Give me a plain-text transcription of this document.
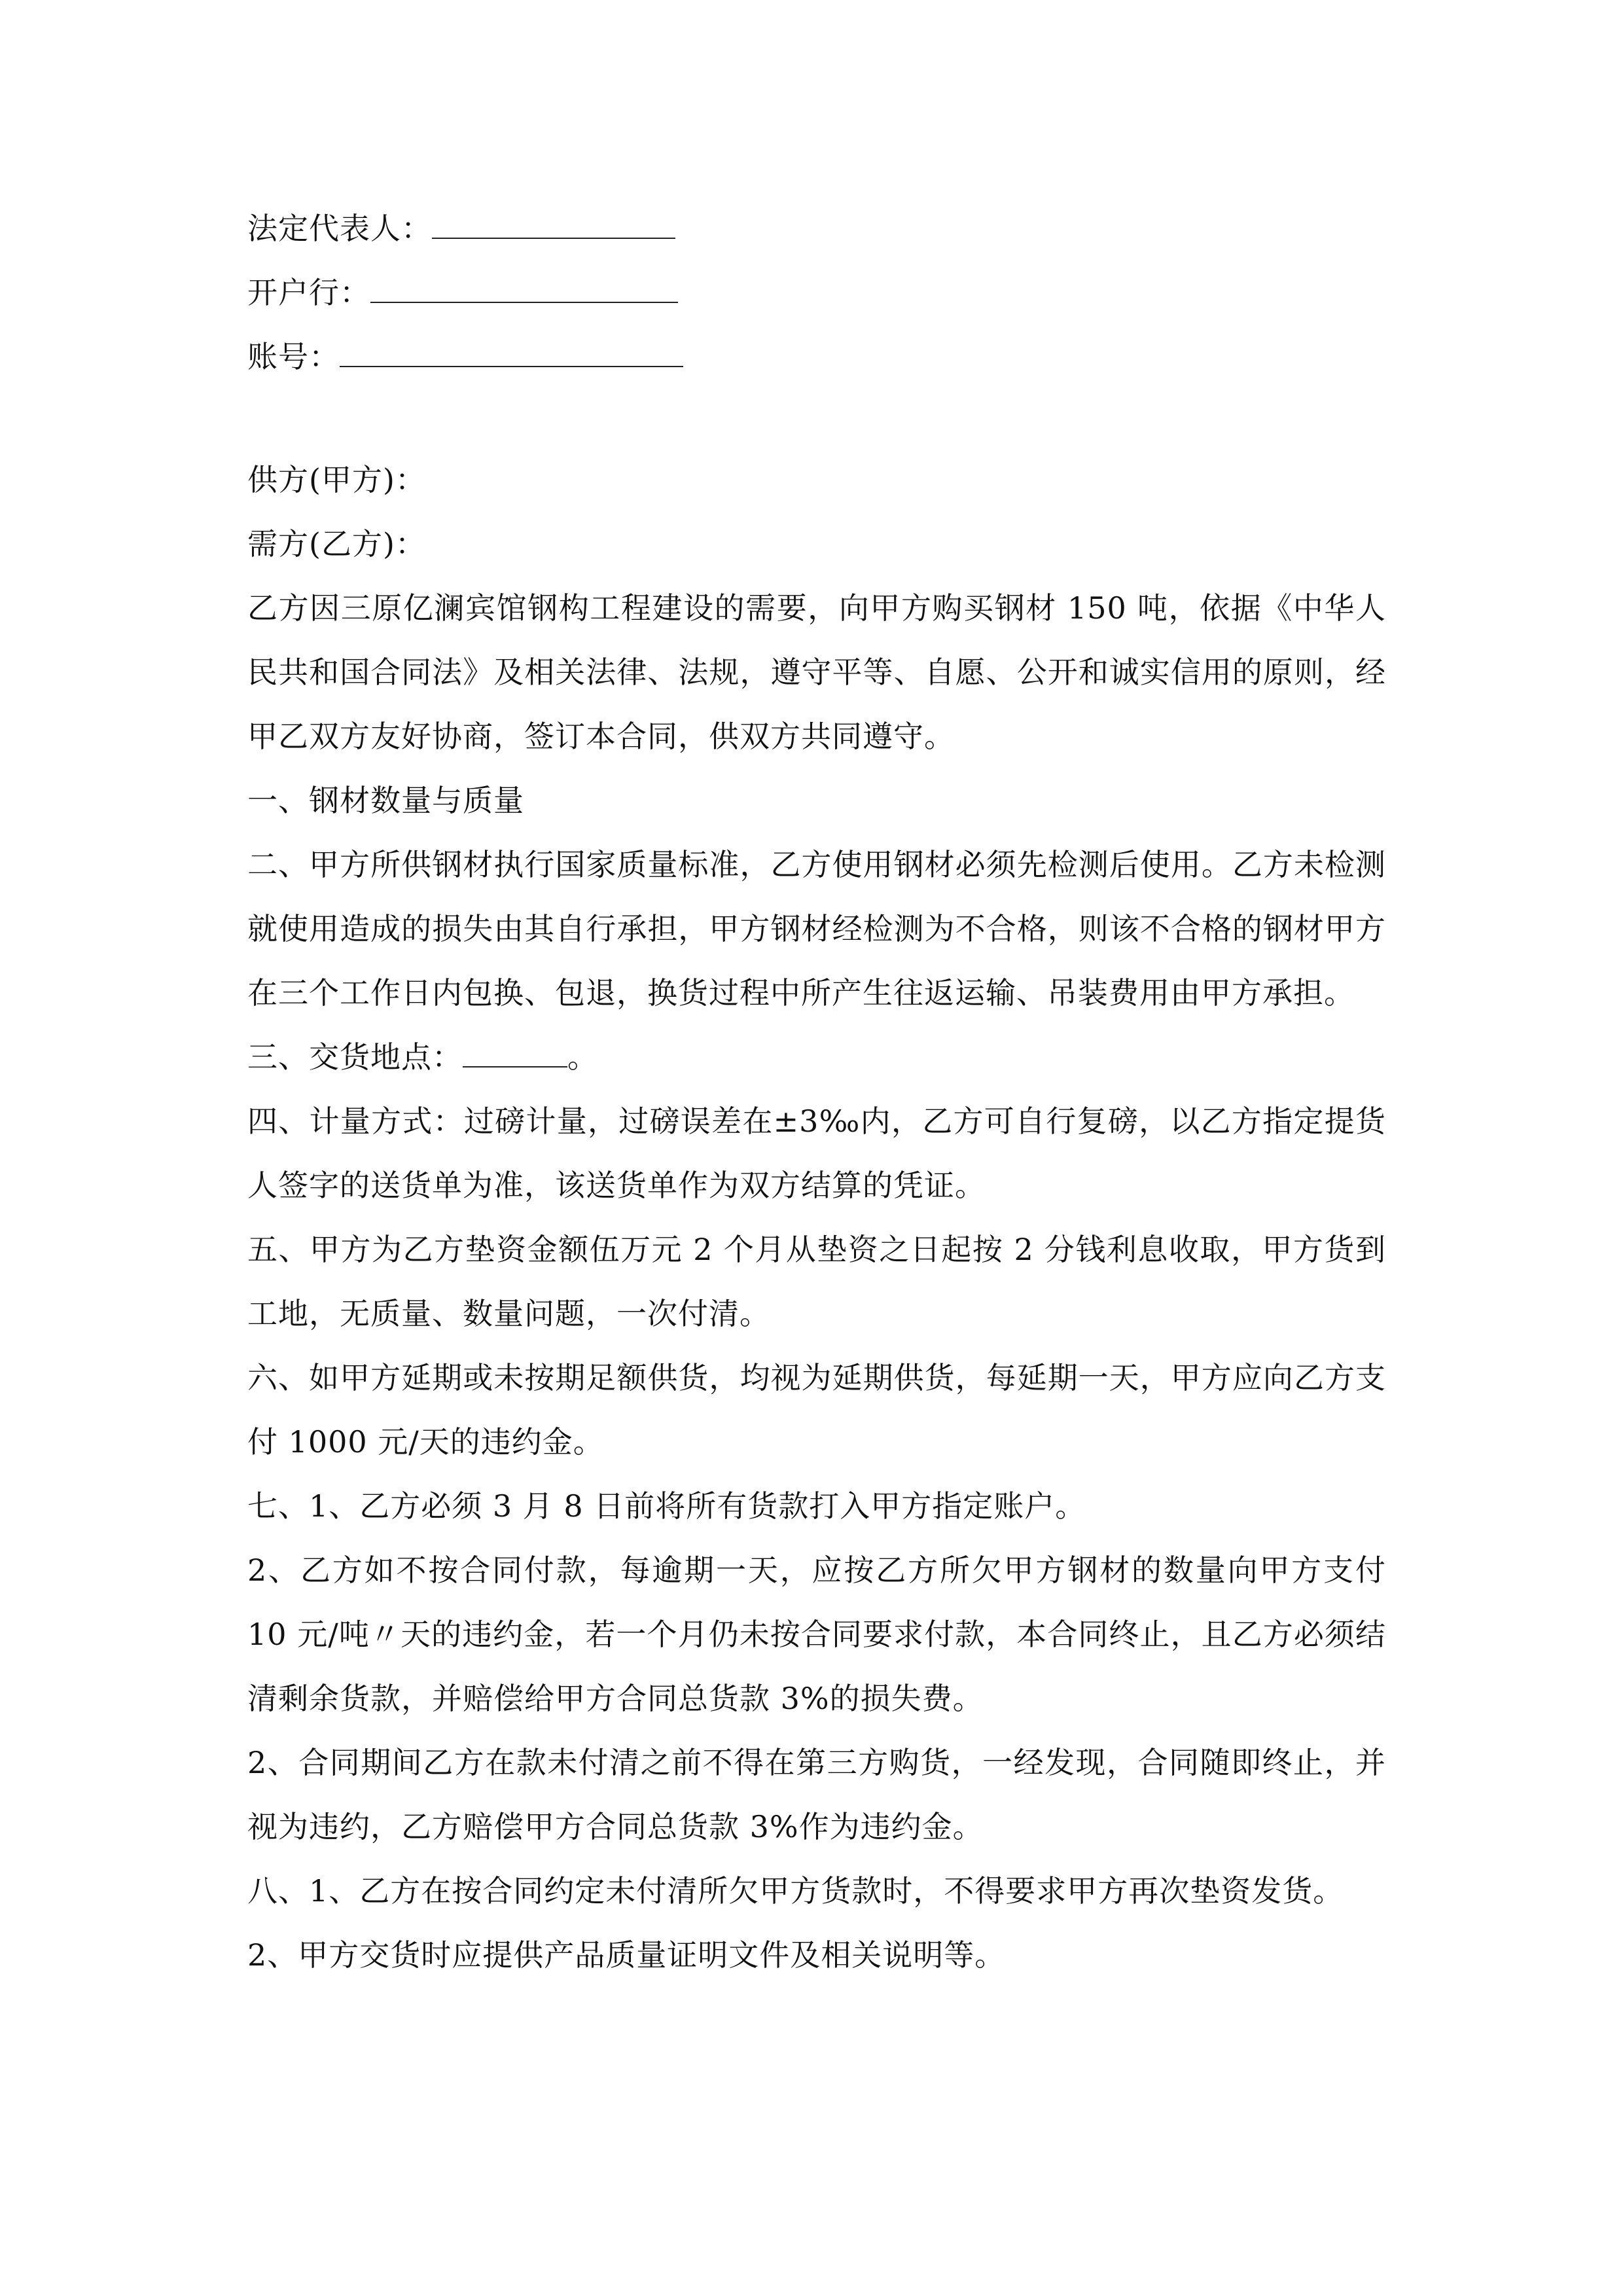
法定代表人：
开户行：
账号：

供方(甲方)：

需方(乙方)：

乙方因三原亿澜宾馆钢构工程建设的需要，向甲方购买钢材 150 吨，依据《中华人民共和国合同法》及相关法律、法规，遵守平等、自愿、公开和诚实信用的原则，经甲乙双方友好协商，签订本合同，供双方共同遵守。

一、钢材数量与质量

二、甲方所供钢材执行国家质量标准，乙方使用钢材必须先检测后使用。乙方未检测就使用造成的损失由其自行承担，甲方钢材经检测为不合格，则该不合格的钢材甲方在三个工作日内包换、包退，换货过程中所产生往返运输、吊装费用由甲方承担。

三、交货地点：	。

四、计量方式：过磅计量，过磅误差在±3‰内，乙方可自行复磅，以乙方指定提货人签字的送货单为准，该送货单作为双方结算的凭证。

五、甲方为乙方垫资金额伍万元 2 个月从垫资之日起按 2 分钱利息收取，甲方货到工地，无质量、数量问题，一次付清。

六、如甲方延期或未按期足额供货，均视为延期供货，每延期一天，甲方应向乙方支付 1000 元/天的违约金。

七、1、乙方必须 3 月 8 日前将所有货款打入甲方指定账户。

2、乙方如不按合同付款，每逾期一天，应按乙方所欠甲方钢材的数量向甲方支付 10 元/吨〃天的违约金，若一个月仍未按合同要求付款，本合同终止，且乙方必须结清剩余货款，并赔偿给甲方合同总货款 3%的损失费。

2、合同期间乙方在款未付清之前不得在第三方购货，一经发现，合同随即终止，并视为违约，乙方赔偿甲方合同总货款 3%作为违约金。

八、1、乙方在按合同约定未付清所欠甲方货款时，不得要求甲方再次垫资发货。

2、甲方交货时应提供产品质量证明文件及相关说明等。
